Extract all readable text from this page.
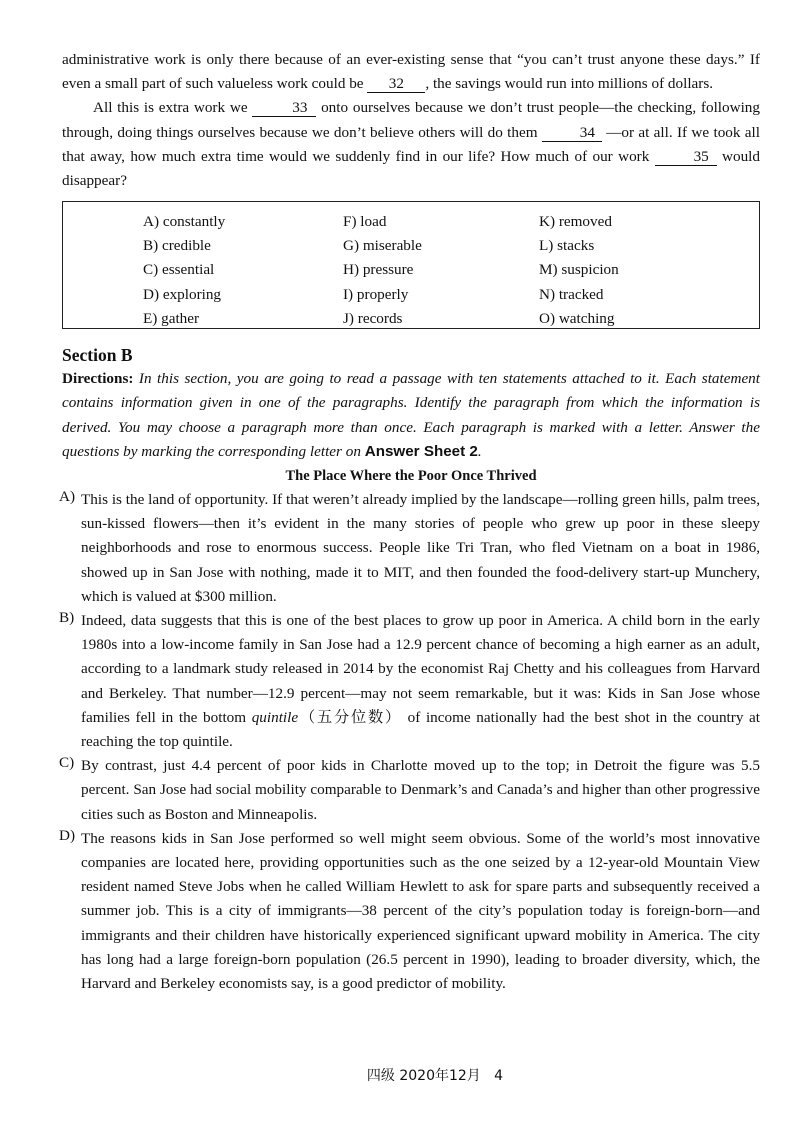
administrative work is only there because of an ever-existing sense that “you can’t trust anyone these days.” If even a small part of such valueless work could be 32 , the savings would run into millions of dollars.

All this is extra work we	33 onto ourselves because we don’t trust people—the checking, following through, doing things ourselves because we don’t believe others will do them 34 —or at all. If we took all that away, how much extra time would we suddenly find in our life? How much of our work	35 would disappear?

A) constantly
B) credible
C) essential
D) exploring
E) gather
F) load
G) miserable
H) pressure
I) properly
J) records
K) removed
L) stacks
M) suspicion
N) tracked
O) watching
Section B

Directions: In this section, you are going to read a passage with ten statements attached to it. Each statement contains information given in one of the paragraphs. Identify the paragraph from which the information is derived. You may choose a paragraph more than once. Each paragraph is marked with a letter. Answer the questions by marking the corresponding letter on Answer Sheet 2.

The Place Where the Poor Once Thrived
A) This is the land of opportunity. If that weren’t already implied by the landscape—rolling green hills, palm trees, sun-kissed flowers—then it’s evident in the many stories of people who grew up poor in these sleepy neighborhoods and rose to enormous success. People like Tri Tran, who fled Vietnam on a boat in 1986, showed up in San Jose with nothing, made it to MIT, and then founded the food-delivery start-up Munchery, which is valued at $300 million.

B) Indeed, data suggests that this is one of the best places to grow up poor in America. A child born in the early 1980s into a low-income family in San Jose had a 12.9 percent chance of becoming a high earner as an adult, according to a landmark study released in 2014 by the economist Raj Chetty and his colleagues from Harvard and Berkeley. That number—12.9 percent—may not seem remarkable, but it was: Kids in San Jose whose families fell in the bottom quintile（五分位数） of income nationally had the best shot in the country at reaching the top quintile.

C) By contrast, just 4.4 percent of poor kids in Charlotte moved up to the top; in Detroit the figure was 5.5 percent. San Jose had social mobility comparable to Denmark’s and Canada’s and higher than other progressive cities such as Boston and Minneapolis.

D) The reasons kids in San Jose performed so well might seem obvious. Some of the world’s most innovative companies are located here, providing opportunities such as the one seized by a 12-year-old Mountain View resident named Steve Jobs when he called William Hewlett to ask for spare parts and subsequently received a summer job. This is a city of immigrants—38 percent of the city’s population today is foreign-born—and immigrants and their children have historically experienced significant upward mobility in America. The city has long had a large foreign-born population (26.5 percent in 1990), leading to broader diversity, which, the Harvard and Berkeley economists say, is a good predictor of mobility.

四级 2020年12月 4
